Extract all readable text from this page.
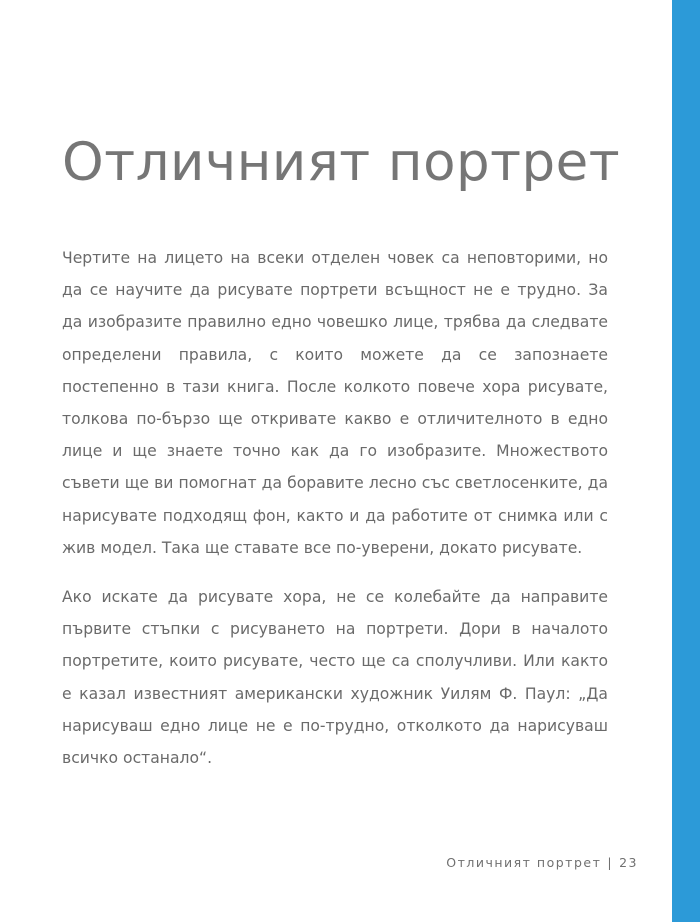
Отличният портрет

Чертите на лицето на всеки отделен човек са неповторими, но да се научите да рисувате портрети всъщност не е трудно. За да изобразите правилно едно човешко лице, трябва да следвате определени правила, с които можете да се запознаете постепенно в тази книга. После колкото повече хора рисувате, толкова по-бързо ще откривате какво е отличителното в едно лице и ще знаете точно как да го изобразите. Множеството съвети ще ви помогнат да боравите лесно със светлосенките, да нарисувате подходящ фон, както и да работите от снимка или с жив модел. Така ще ставате все по-уверени, докато рисувате.

Ако искате да рисувате хора, не се колебайте да направите първите стъпки с рисуването на портрети. Дори в началото портретите, които рисувате, често ще са сполучливи. Или както е казал известният американски художник Уилям Ф. Паул: „Да нарисуваш едно лице не е по-трудно, отколкото да нарисуваш всичко останало“.

Отличният портрет | 23
